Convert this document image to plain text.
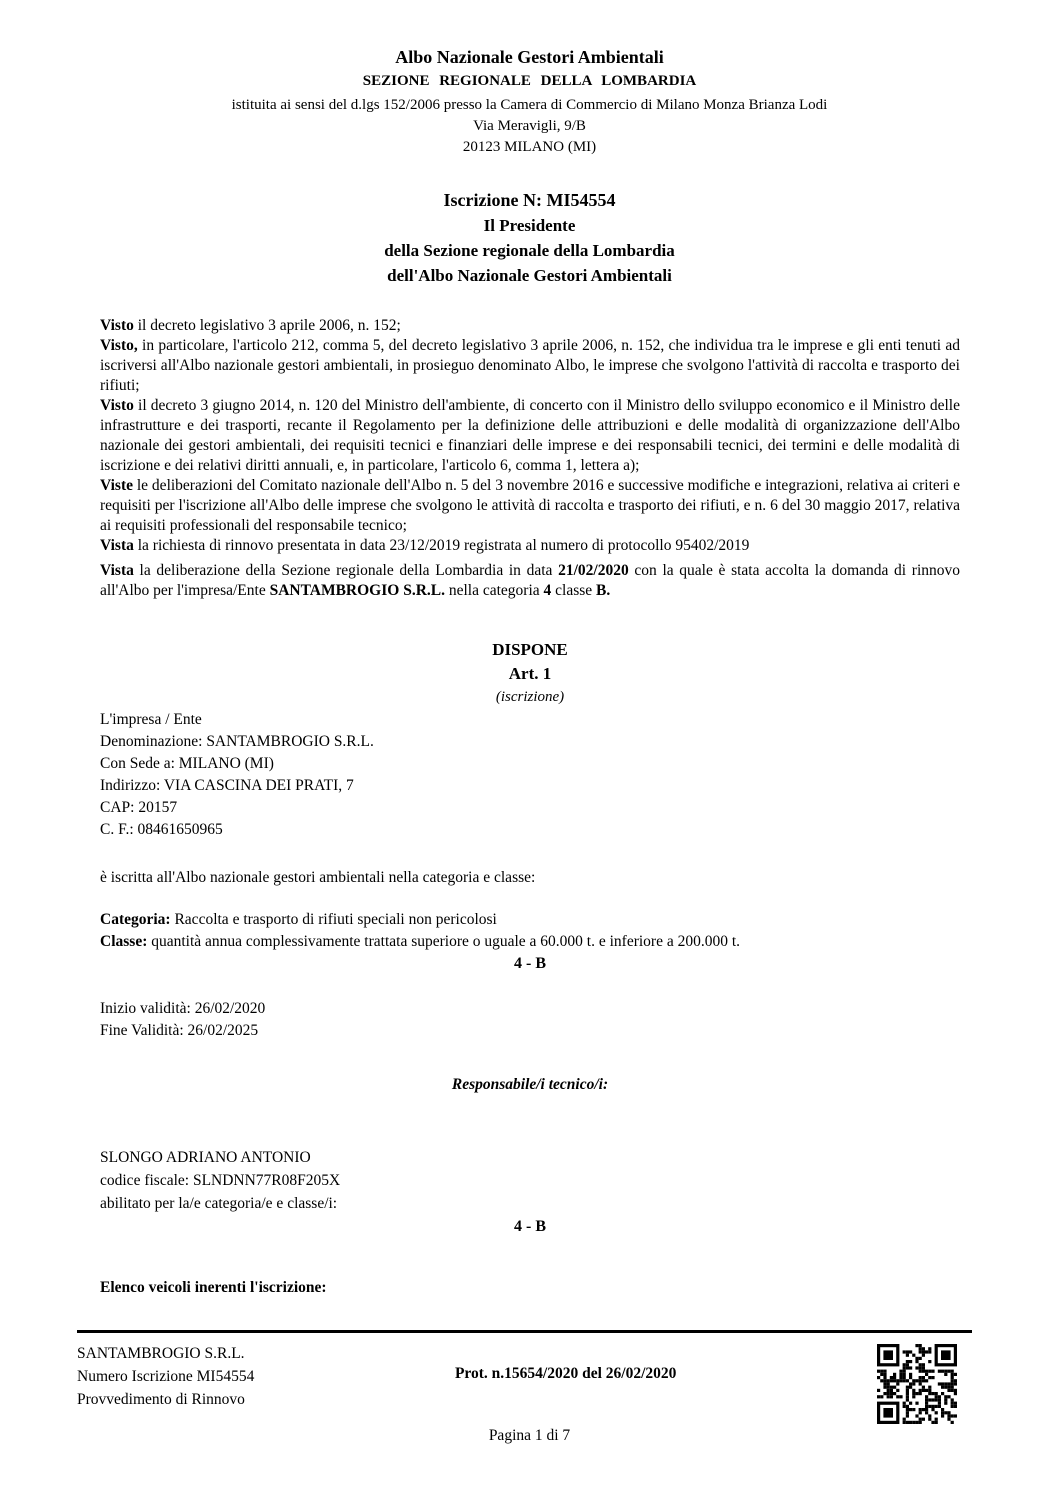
Albo Nazionale Gestori Ambientali
SEZIONE REGIONALE DELLA LOMBARDIA
istituita ai sensi del d.lgs 152/2006 presso la Camera di Commercio di Milano Monza Brianza Lodi
Via Meravigli, 9/B
20123 MILANO (MI)
Iscrizione N: MI54554
Il Presidente
della Sezione regionale della Lombardia
dell'Albo Nazionale Gestori Ambientali

Visto il decreto legislativo 3 aprile 2006, n. 152;

Visto, in particolare, l'articolo 212, comma 5, del decreto legislativo 3 aprile 2006, n. 152, che individua tra le imprese e gli enti tenuti ad iscriversi all'Albo nazionale gestori ambientali, in prosieguo denominato Albo, le imprese che svolgono l'attività di raccolta e trasporto dei rifiuti;

Visto il decreto 3 giugno 2014, n. 120 del Ministro dell'ambiente, di concerto con il Ministro dello sviluppo economico e il Ministro delle infrastrutture e dei trasporti, recante il Regolamento per la definizione delle attribuzioni e delle modalità di organizzazione dell'Albo nazionale dei gestori ambientali, dei requisiti tecnici e finanziari delle imprese e dei responsabili tecnici, dei termini e delle modalità di iscrizione e dei relativi diritti annuali, e, in particolare, l'articolo 6, comma 1, lettera a);

Viste le deliberazioni del Comitato nazionale dell'Albo n. 5 del 3 novembre 2016 e successive modifiche e integrazioni, relativa ai criteri e requisiti per l'iscrizione all'Albo delle imprese che svolgono le attività di raccolta e trasporto dei rifiuti, e n. 6 del 30 maggio 2017, relativa ai requisiti professionali del responsabile tecnico;

Vista la richiesta di rinnovo presentata in data 23/12/2019 registrata al numero di protocollo 95402/2019

Vista la deliberazione della Sezione regionale della Lombardia in data 21/02/2020 con la quale è stata accolta la domanda di rinnovo all'Albo per l'impresa/Ente SANTAMBROGIO S.R.L. nella categoria 4 classe B.

DISPONE
Art. 1
(iscrizione)
L'impresa / Ente
Denominazione: SANTAMBROGIO S.R.L.
Con Sede a: MILANO (MI)
Indirizzo: VIA CASCINA DEI PRATI, 7
CAP: 20157
C. F.: 08461650965
è iscritta all'Albo nazionale gestori ambientali nella categoria e classe:
Categoria: Raccolta e trasporto di rifiuti speciali non pericolosi
Classe: quantità annua complessivamente trattata superiore o uguale a 60.000 t. e inferiore a 200.000 t.
4 - B
Inizio validità: 26/02/2020
Fine Validità: 26/02/2025
Responsabile/i tecnico/i:
SLONGO ADRIANO ANTONIO
codice fiscale: SLNDNN77R08F205X
abilitato per la/e categoria/e e classe/i:
4 - B
Elenco veicoli inerenti l'iscrizione:
SANTAMBROGIO S.R.L.
Numero Iscrizione MI54554
Provvedimento di Rinnovo
Prot. n.15654/2020 del 26/02/2020
Pagina 1 di 7
